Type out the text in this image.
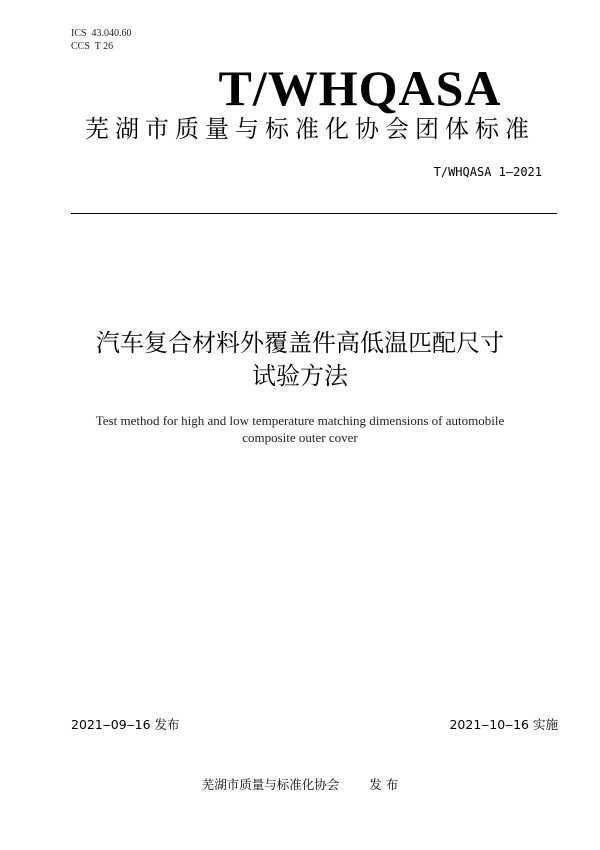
ICS  43.040.60
CCS  T 26
T/WHQASA
芜湖市质量与标准化协会团体标准
T/WHQASA 1—2021
汽车复合材料外覆盖件高低温匹配尺寸
试验方法
Test method for high and low temperature matching dimensions of automobile
composite outer cover
2021‒09‒16 发布	2021‒10‒16 实施
芜湖市质量与标准化协会 发 布
